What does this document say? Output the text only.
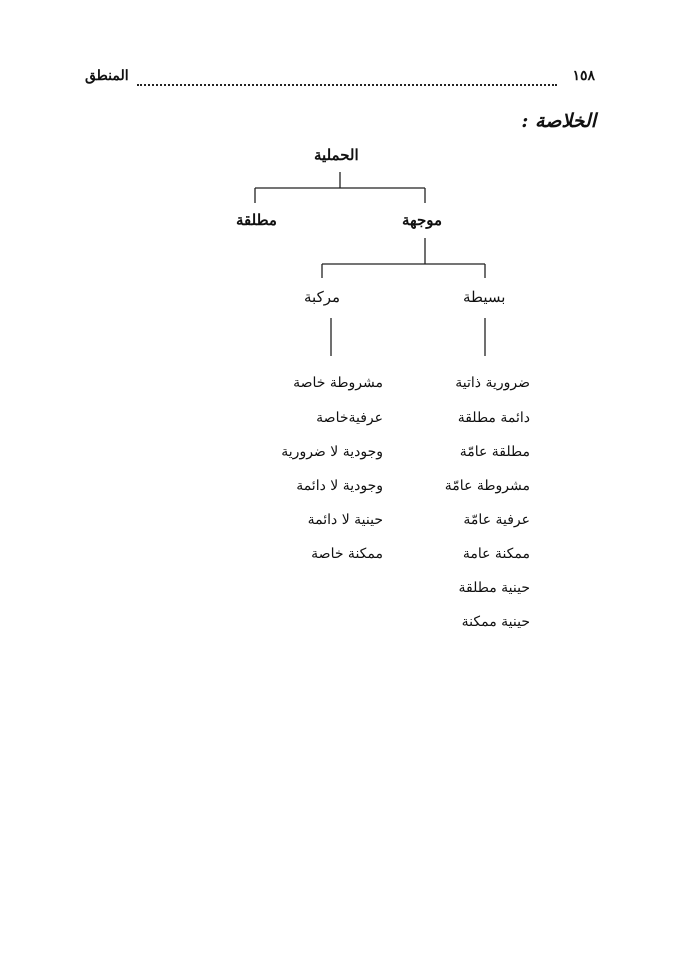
١٥٨
المنطق
الخلاصة :
الحملية
مطلقة	موجهة
بسيطة
مركبة
ضرورية ذاتية
دائمة مطلقة
مطلقة عامّة
مشروطة عامّة
عرفية عامّة
ممكنة عامة
حينية مطلقة
حينية ممكنة
مشروطة خاصة
عرفيةخاصة
وجودية لا ضرورية
وجودية لا دائمة
حينية لا دائمة
ممكنة خاصة
